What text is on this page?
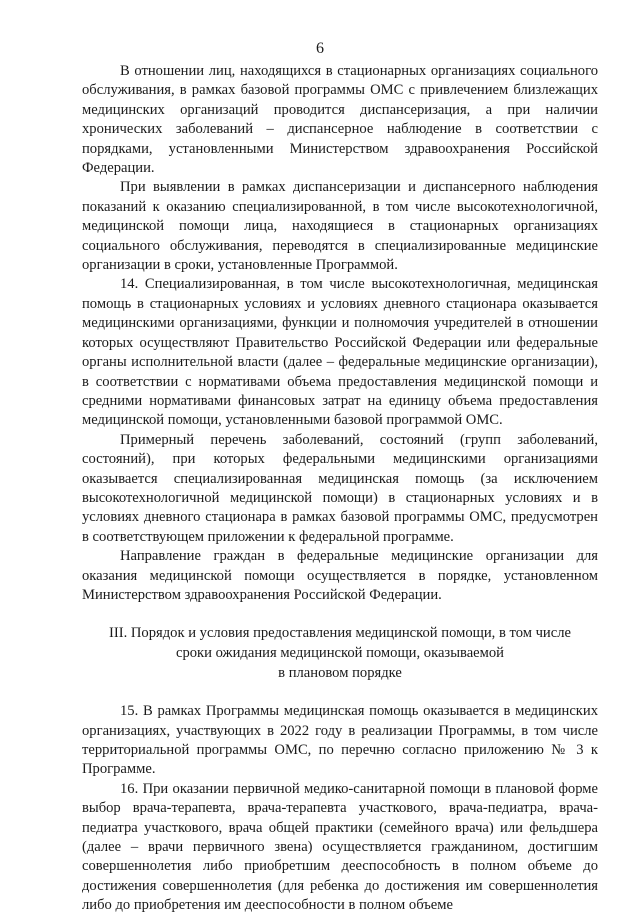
6

В отношении лиц, находящихся в стационарных организациях социального обслуживания, в рамках базовой программы ОМС с привлечением близлежащих медицинских организаций проводится диспансеризация, а при наличии хронических заболеваний – диспансерное наблюдение в соответствии с порядками, установленными Министерством здравоохранения Российской Федерации.

При выявлении в рамках диспансеризации и диспансерного наблюдения показаний к оказанию специализированной, в том числе высокотехнологичной, медицинской помощи лица, находящиеся в стационарных организациях социального обслуживания, переводятся в специализированные медицинские организации в сроки, установленные Программой.

14. Специализированная, в том числе высокотехнологичная, медицинская помощь в стационарных условиях и условиях дневного стационара оказывается медицинскими организациями, функции и полномочия учредителей в отношении которых осуществляют Правительство Российской Федерации или федеральные органы исполнительной власти (далее – федеральные медицинские организации), в соответствии с нормативами объема предоставления медицинской помощи и средними нормативами финансовых затрат на единицу объема предоставления медицинской помощи, установленными базовой программой ОМС.

Примерный перечень заболеваний, состояний (групп заболеваний, состояний), при которых федеральными медицинскими организациями оказывается специализированная медицинская помощь (за исключением высокотехнологичной медицинской помощи) в стационарных условиях и в условиях дневного стационара в рамках базовой программы ОМС, предусмотрен в соответствующем приложении к федеральной программе.

Направление граждан в федеральные медицинские организации для оказания медицинской помощи осуществляется в порядке, установленном Министерством здравоохранения Российской Федерации.

III. Порядок и условия предоставления медицинской помощи, в том числе
сроки ожидания медицинской помощи, оказываемой
в плановом порядке

15. В рамках Программы медицинская помощь оказывается в медицинских организациях, участвующих в 2022 году в реализации Программы, в том числе территориальной программы ОМС, по перечню согласно приложению № 3 к Программе.

16. При оказании первичной медико-санитарной помощи в плановой форме выбор врача-терапевта, врача-терапевта участкового, врача-педиатра, врача-педиатра участкового, врача общей практики (семейного врача) или фельдшера (далее – врачи первичного звена) осуществляется гражданином, достигшим совершеннолетия либо приобретшим дееспособность в полном объеме до достижения совершеннолетия (для ребенка до достижения им совершеннолетия либо до приобретения им дееспособности в полном объеме
